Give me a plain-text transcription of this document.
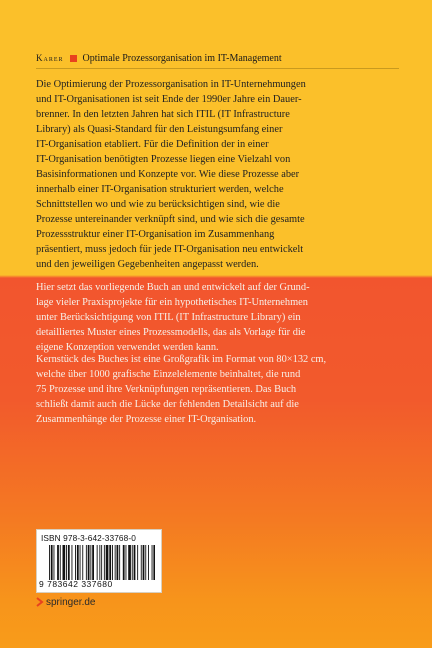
Karer Optimale Prozessorganisation im IT-Management
Die Optimierung der Prozessorganisation in IT-Unternehmungen
und IT-Organisationen ist seit Ende der 1990er Jahre ein Dauer-
brenner. In den letzten Jahren hat sich ITIL (IT Infrastructure
Library) als Quasi-Standard für den Leistungsumfang einer
IT-Organisation etabliert. Für die Definition der in einer
IT-Organisation benötigten Prozesse liegen eine Vielzahl von
Basisinformationen und Konzepte vor. Wie diese Prozesse aber
innerhalb einer IT-Organisation strukturiert werden, welche
Schnittstellen wo und wie zu berücksichtigen sind, wie die
Prozesse untereinander verknüpft sind, und wie sich die gesamte
Prozessstruktur einer IT-Organisation im Zusammenhang
präsentiert, muss jedoch für jede IT-Organisation neu entwickelt
und den jeweiligen Gegebenheiten angepasst werden.
Hier setzt das vorliegende Buch an und entwickelt auf der Grund-
lage vieler Praxisprojekte für ein hypothetisches IT-Unternehmen
unter Berücksichtigung von ITIL (IT Infrastructure Library) ein
detailliertes Muster eines Prozessmodells, das als Vorlage für die
eigene Konzeption verwendet werden kann.
Kernstück des Buches ist eine Großgrafik im Format von 80×132 cm,
welche über 1000 grafische Einzelelemente beinhaltet, die rund
75 Prozesse und ihre Verknüpfungen repräsentieren. Das Buch
schließt damit auch die Lücke der fehlenden Detailsicht auf die
Zusammenhänge der Prozesse einer IT-Organisation.
ISBN 978-3-642-33768-0
9 783642 337680
springer.de
